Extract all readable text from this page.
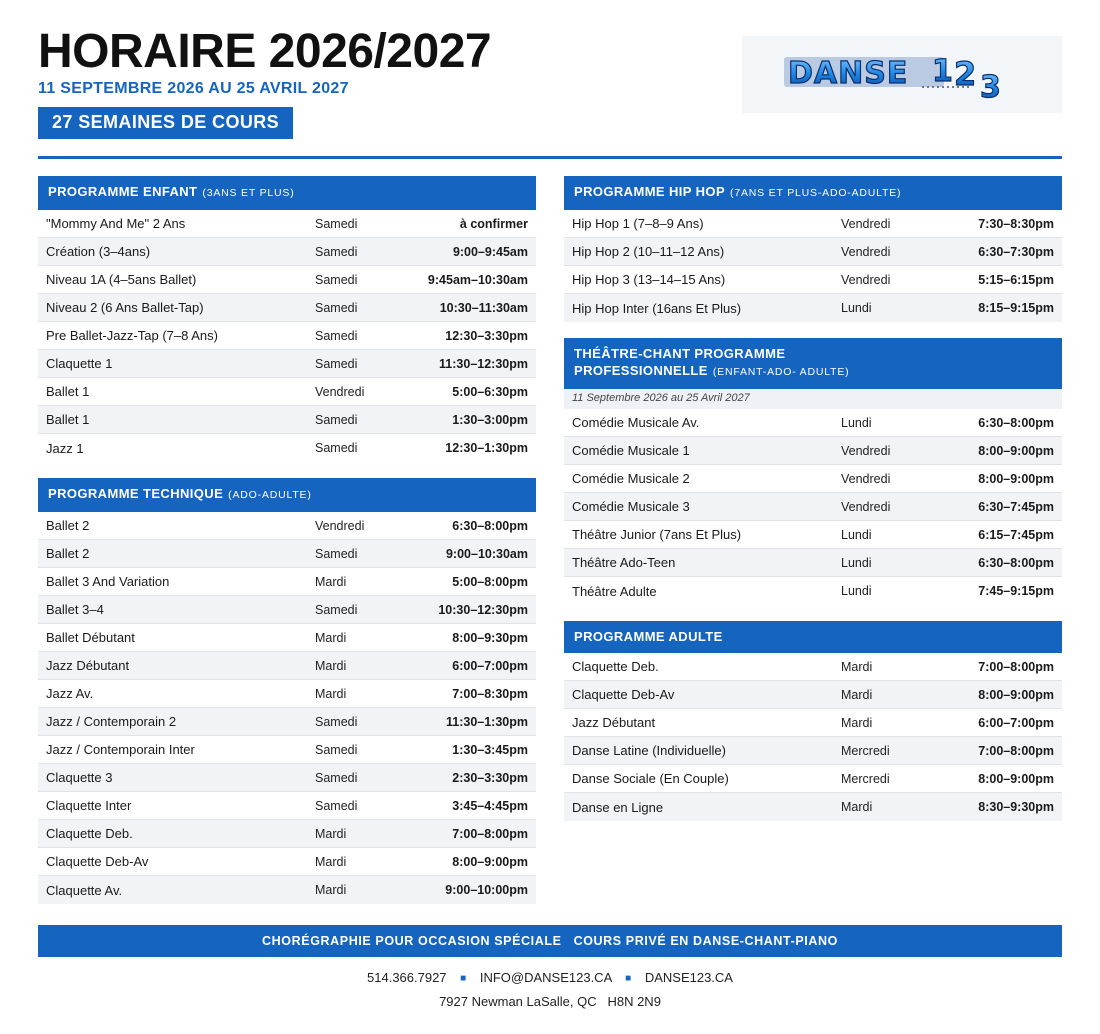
HORAIRE 2026/2027
11 SEPTEMBRE 2026 AU 25 AVRIL 2027
27 SEMAINES DE COURS
DANSE 1 2 3
PROGRAMME ENFANT (3ANS ET PLUS)
"Mommy And Me" 2 Ans	Samedi	à confirmer
Création (3–4ans)	Samedi	9:00–9:45am
Niveau 1A (4–5ans Ballet)	Samedi	9:45am–10:30am
Niveau 2 (6 Ans Ballet-Tap)	Samedi	10:30–11:30am
Pre Ballet-Jazz-Tap (7–8 Ans)	Samedi	12:30–3:30pm
Claquette 1	Samedi	11:30–12:30pm
Ballet 1	Vendredi	5:00–6:30pm
Ballet 1	Samedi	1:30–3:00pm
Jazz 1	Samedi	12:30–1:30pm
PROGRAMME TECHNIQUE (ADO-ADULTE)
Ballet 2	Vendredi	6:30–8:00pm
Ballet 2	Samedi	9:00–10:30am
Ballet 3 And Variation	Mardi	5:00–8:00pm
Ballet 3–4	Samedi	10:30–12:30pm
Ballet Débutant	Mardi	8:00–9:30pm
Jazz Débutant	Mardi	6:00–7:00pm
Jazz Av.	Mardi	7:00–8:30pm
Jazz / Contemporain 2	Samedi	11:30–1:30pm
Jazz / Contemporain Inter	Samedi	1:30–3:45pm
Claquette 3	Samedi	2:30–3:30pm
Claquette Inter	Samedi	3:45–4:45pm
Claquette Deb.	Mardi	7:00–8:00pm
Claquette Deb-Av	Mardi	8:00–9:00pm
Claquette Av.	Mardi	9:00–10:00pm
PROGRAMME HIP HOP (7ANS ET PLUS-ADO-ADULTE)
Hip Hop 1 (7–8–9 Ans)	Vendredi	7:30–8:30pm
Hip Hop 2 (10–11–12 Ans)	Vendredi	6:30–7:30pm
Hip Hop 3 (13–14–15 Ans)	Vendredi	5:15–6:15pm
Hip Hop Inter (16ans Et Plus)	Lundi	8:15–9:15pm
THÉÂTRE-CHANT PROGRAMME
PROFESSIONNELLE (ENFANT-ADO- ADULTE)
11 Septembre 2026 au 25 Avril 2027
Comédie Musicale Av.	Lundi	6:30–8:00pm
Comédie Musicale 1	Vendredi	8:00–9:00pm
Comédie Musicale 2	Vendredi	8:00–9:00pm
Comédie Musicale 3	Vendredi	6:30–7:45pm
Théâtre Junior (7ans Et Plus)	Lundi	6:15–7:45pm
Théâtre Ado-Teen	Lundi	6:30–8:00pm
Théâtre Adulte	Lundi	7:45–9:15pm
PROGRAMME ADULTE
Claquette Deb.	Mardi	7:00–8:00pm
Claquette Deb-Av	Mardi	8:00–9:00pm
Jazz Débutant	Mardi	6:00–7:00pm
Danse Latine (Individuelle)	Mercredi	7:00–8:00pm
Danse Sociale (En Couple)	Mercredi	8:00–9:00pm
Danse en Ligne	Mardi	8:30–9:30pm
CHORÉGRAPHIE POUR OCCASION SPÉCIALE COURS PRIVÉ EN DANSE-CHANT-PIANO
514.366.7927 ■ INFO@DANSE123.CA ■ DANSE123.CA
7927 Newman LaSalle, QC H8N 2N9
